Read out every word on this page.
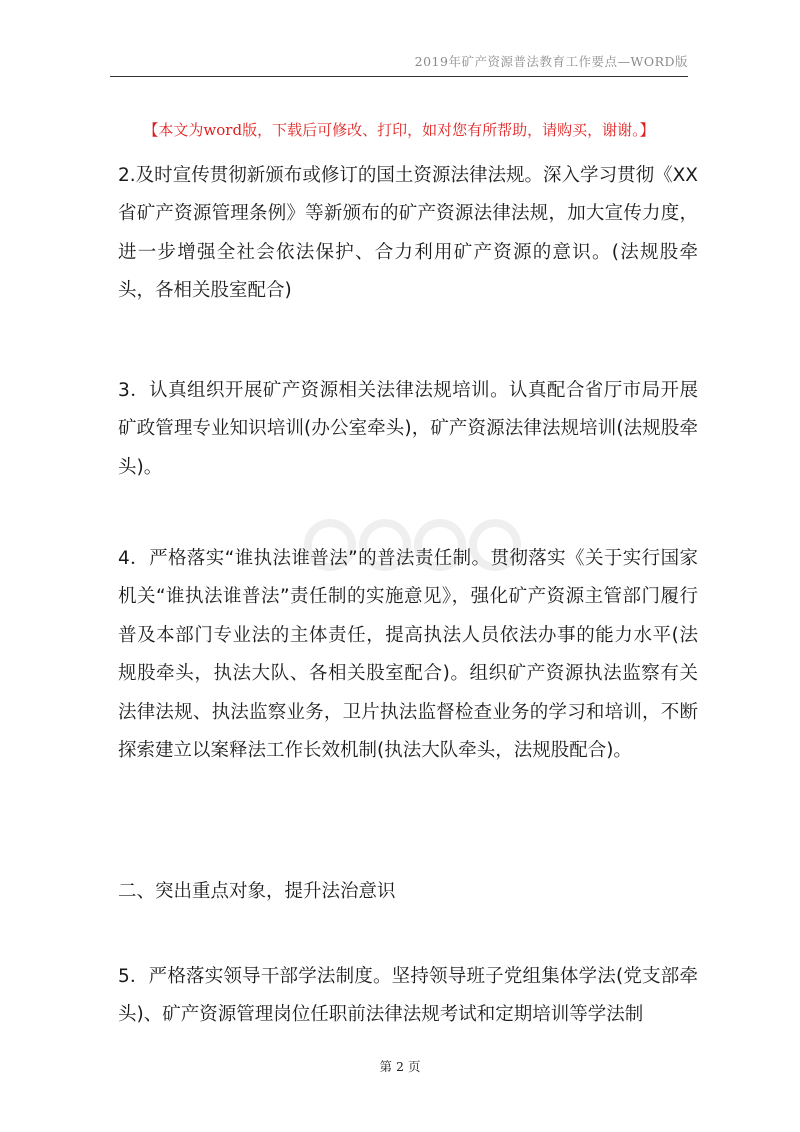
2019年矿产资源普法教育工作要点—WORD版
【本文为word版，下载后可修改、打印，如对您有所帮助，请购买，谢谢。】

2.及时宣传贯彻新颁布或修订的国土资源法律法规。深入学习贯彻《XX 省矿产资源管理条例》等新颁布的矿产资源法律法规，加大宣传力度，进一步增强全社会依法保护、合力利用矿产资源的意识。(法规股牵头，各相关股室配合)

3．认真组织开展矿产资源相关法律法规培训。认真配合省厅市局开展矿政管理专业知识培训(办公室牵头)，矿产资源法律法规培训(法规股牵头)。

4．严格落实“谁执法谁普法”的普法责任制。贯彻落实《关于实行国家机关“谁执法谁普法”责任制的实施意见》，强化矿产资源主管部门履行普及本部门专业法的主体责任，提高执法人员依法办事的能力水平(法规股牵头，执法大队、各相关股室配合)。组织矿产资源执法监察有关法律法规、执法监察业务，卫片执法监督检查业务的学习和培训，不断探索建立以案释法工作长效机制(执法大队牵头，法规股配合)。

二、突出重点对象，提升法治意识

5．严格落实领导干部学法制度。坚持领导班子党组集体学法(党支部牵头)、矿产资源管理岗位任职前法律法规考试和定期培训等学法制

第 2 页
